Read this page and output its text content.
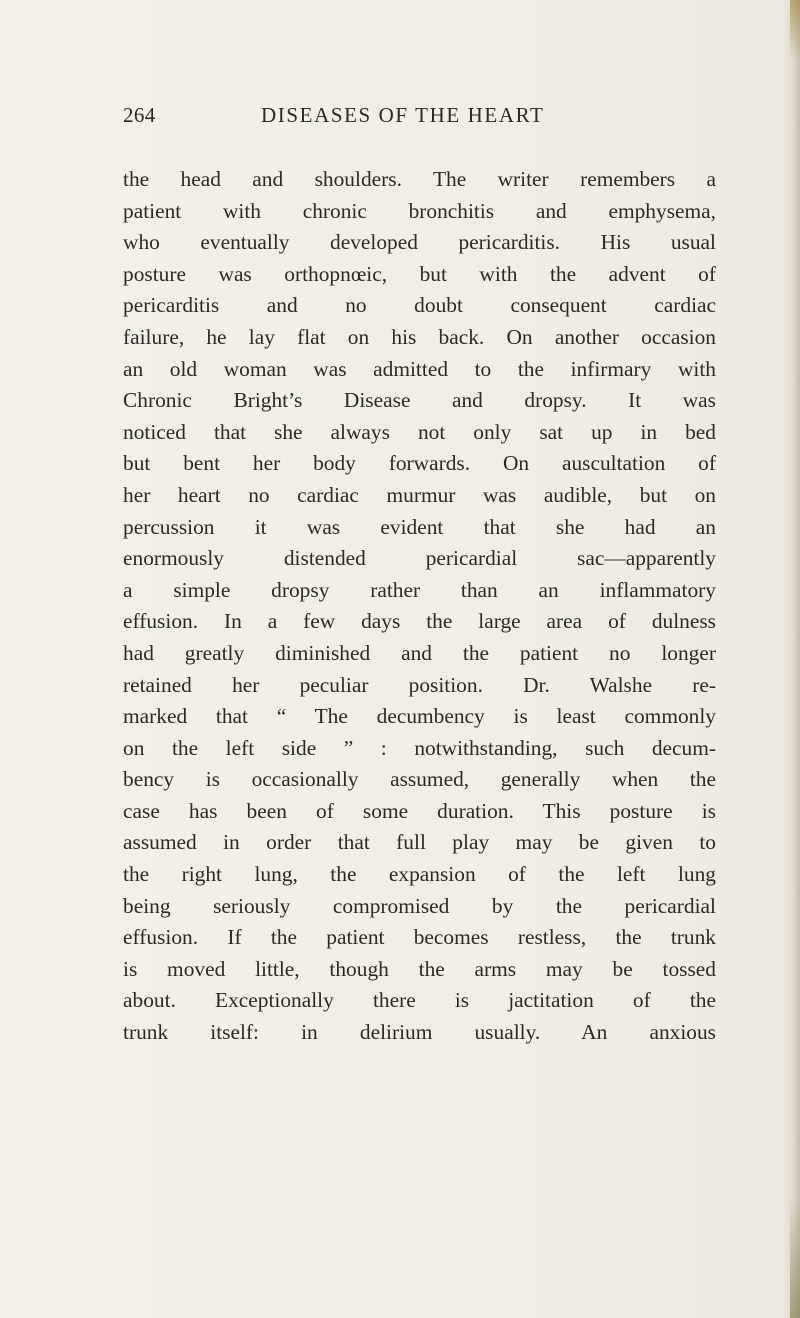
264	DISEASES OF THE HEART
the head and shoulders. The writer remembers a
patient with chronic bronchitis and emphysema,
who eventually developed pericarditis. His usual
posture was orthopnœic, but with the advent of
pericarditis and no doubt consequent cardiac
failure, he lay flat on his back. On another occasion
an old woman was admitted to the infirmary with
Chronic Bright’s Disease and dropsy. It was
noticed that she always not only sat up in bed
but bent her body forwards. On auscultation of
her heart no cardiac murmur was audible, but on
percussion it was evident that she had an
enormously distended pericardial sac—apparently
a simple dropsy rather than an inflammatory
effusion. In a few days the large area of dulness
had greatly diminished and the patient no longer
retained her peculiar position. Dr. Walshe re-
marked that “ The decumbency is least commonly
on the left side ” : notwithstanding, such decum-
bency is occasionally assumed, generally when the
case has been of some duration. This posture is
assumed in order that full play may be given to
the right lung, the expansion of the left lung
being seriously compromised by the pericardial
effusion. If the patient becomes restless, the trunk
is moved little, though the arms may be tossed
about. Exceptionally there is jactitation of the
trunk itself: in delirium usually. An anxious
